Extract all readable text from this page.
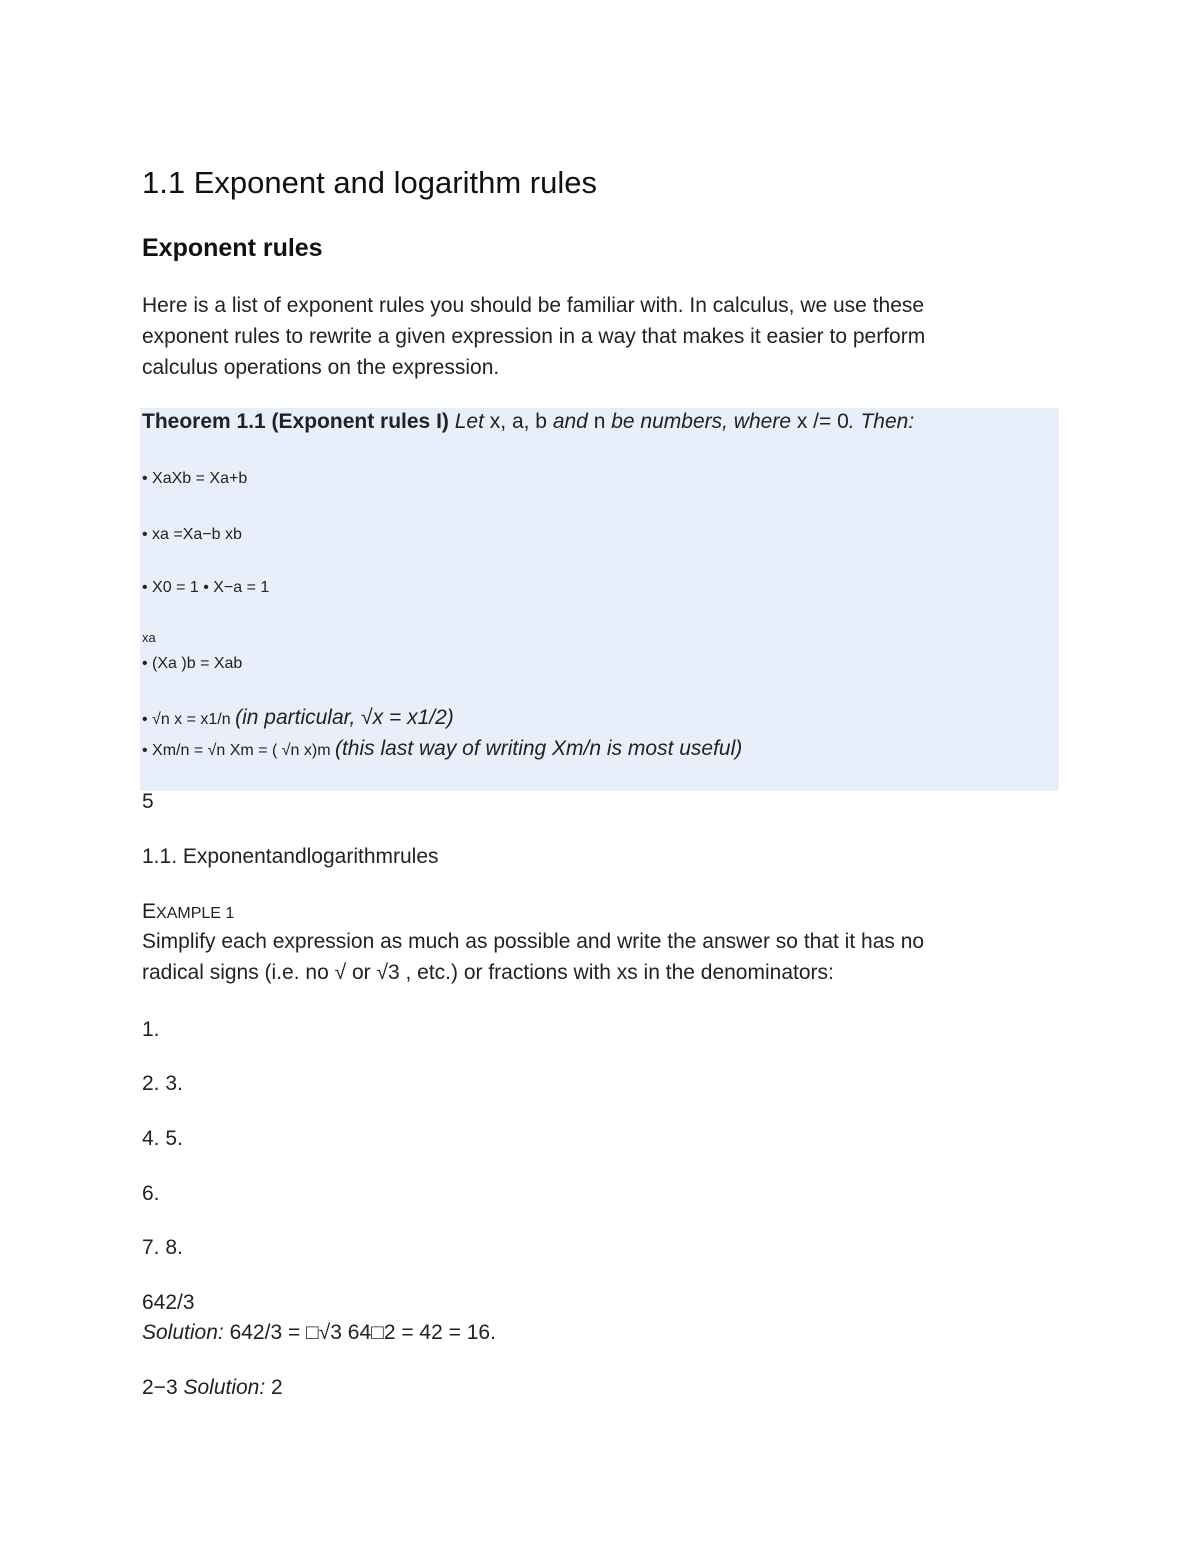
1.1 Exponent and logarithm rules
Exponent rules
Here is a list of exponent rules you should be familiar with. In calculus, we use these
exponent rules to rewrite a given expression in a way that makes it easier to perform
calculus operations on the expression.
Theorem 1.1 (Exponent rules I) Let x, a, b and n be numbers, where x /= 0. Then:
• XaXb = Xa+b
• xa =Xa−b xb
• X0 = 1 • X−a = 1
xa
• (Xa )b = Xab
• √n x = x1/n (in particular, √x = x1/2)
• Xm/n = √n Xm = ( √n x)m (this last way of writing Xm/n is most useful)
5
1.1. Exponentandlogarithmrules
EXAMPLE 1
Simplify each expression as much as possible and write the answer so that it has no
radical signs (i.e. no √ or √3 , etc.) or fractions with xs in the denominators:
1.
2. 3.
4. 5.
6.
7. 8.
642/3
Solution: 642/3 = □√3 64□2 = 42 = 16.
2−3 Solution: 2
